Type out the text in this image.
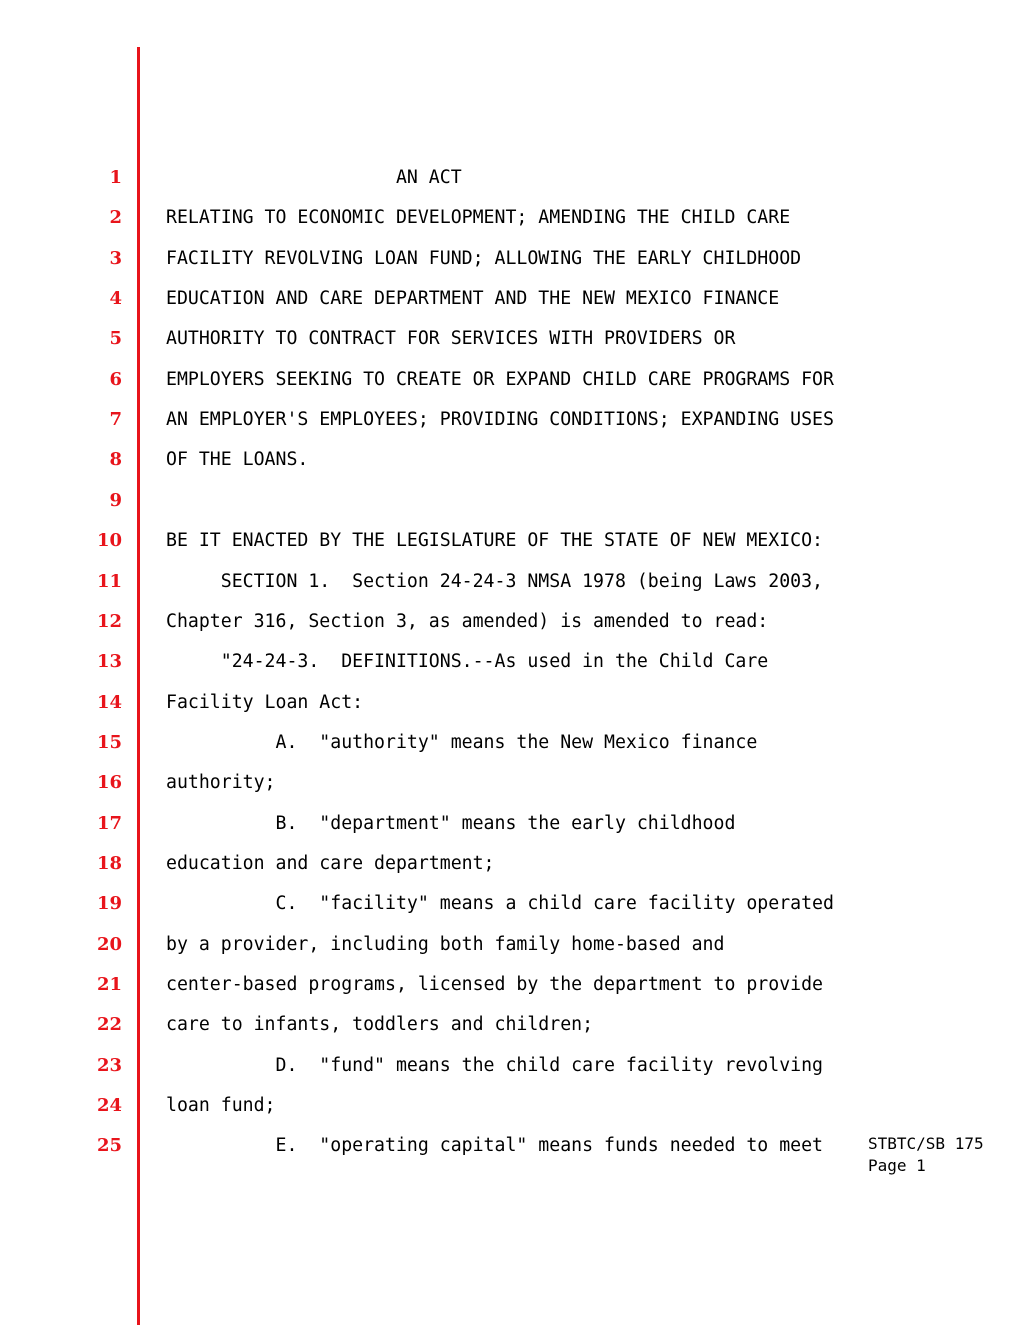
1
2
3
4
5
6
7
8
9
10
11
12
13
14
15
16
17
18
19
20
21
22
23
24
25
AN ACT
RELATING TO ECONOMIC DEVELOPMENT; AMENDING THE CHILD CARE
FACILITY REVOLVING LOAN FUND; ALLOWING THE EARLY CHILDHOOD
EDUCATION AND CARE DEPARTMENT AND THE NEW MEXICO FINANCE
AUTHORITY TO CONTRACT FOR SERVICES WITH PROVIDERS OR
EMPLOYERS SEEKING TO CREATE OR EXPAND CHILD CARE PROGRAMS FOR
AN EMPLOYER'S EMPLOYEES; PROVIDING CONDITIONS; EXPANDING USES
OF THE LOANS.
BE IT ENACTED BY THE LEGISLATURE OF THE STATE OF NEW MEXICO:
SECTION 1.  Section 24-24-3 NMSA 1978 (being Laws 2003,
Chapter 316, Section 3, as amended) is amended to read:
"24-24-3.  DEFINITIONS.--As used in the Child Care
Facility Loan Act:
A.  "authority" means the New Mexico finance
authority;
B.  "department" means the early childhood
education and care department;
C.  "facility" means a child care facility operated
by a provider, including both family home-based and
center-based programs, licensed by the department to provide
care to infants, toddlers and children;
D.  "fund" means the child care facility revolving
loan fund;
E.  "operating capital" means funds needed to meet	STBTC/SB 175
Page 1
